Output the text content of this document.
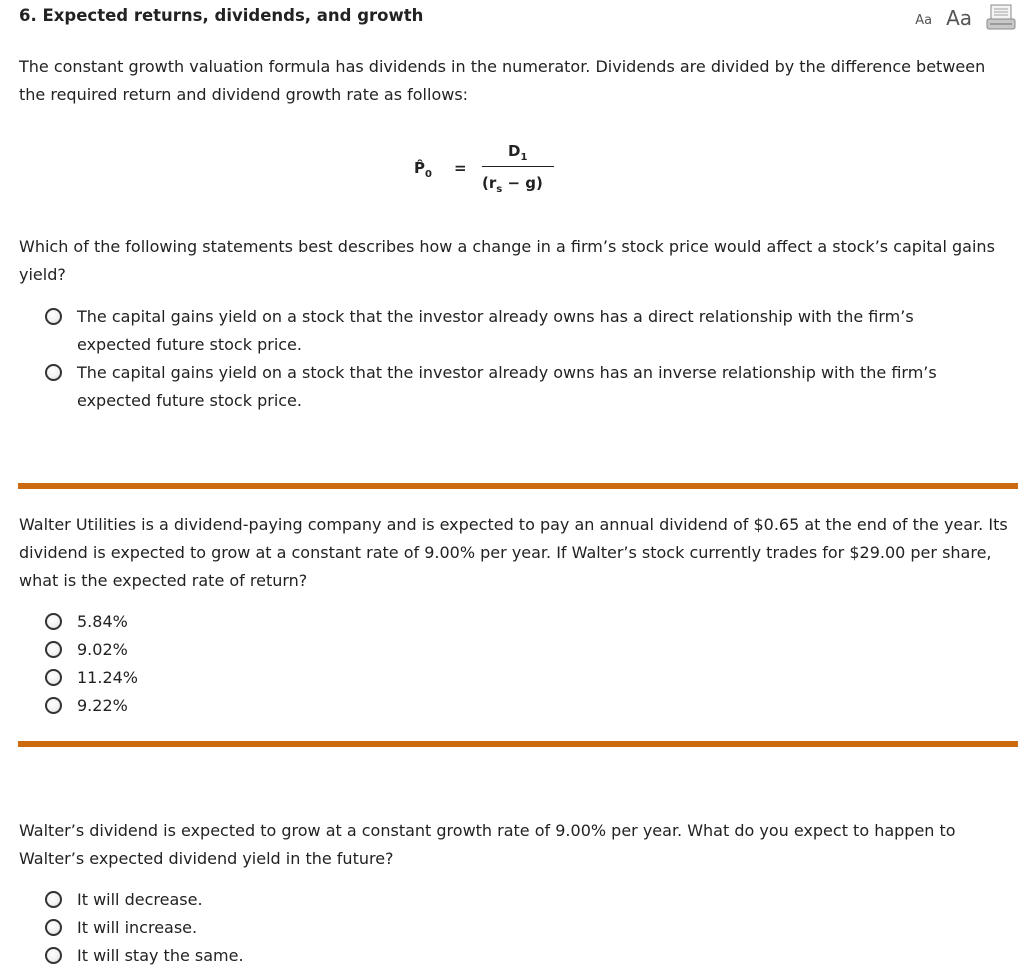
6. Expected returns, dividends, and growth	Aa Aa

The constant growth valuation formula has dividends in the numerator. Dividends are divided by the difference between the required return and dividend growth rate as follows:

$P̂_0$ =
$D_1$
$(r_s - g)$

Which of the following statements best describes how a change in a firm’s stock price would affect a stock’s capital gains yield?

The capital gains yield on a stock that the investor already owns has a direct relationship with the firm’s expected future stock price.
The capital gains yield on a stock that the investor already owns has an inverse relationship with the firm’s expected future stock price.

Walter Utilities is a dividend-paying company and is expected to pay an annual dividend of $0.65 at the end of the year. Its dividend is expected to grow at a constant rate of 9.00% per year. If Walter’s stock currently trades for $29.00 per share, what is the expected rate of return?

5.84%
9.02%
11.24%
9.22%

Walter’s dividend is expected to grow at a constant growth rate of 9.00% per year. What do you expect to happen to Walter’s expected dividend yield in the future?

It will decrease.
It will increase.
It will stay the same.
